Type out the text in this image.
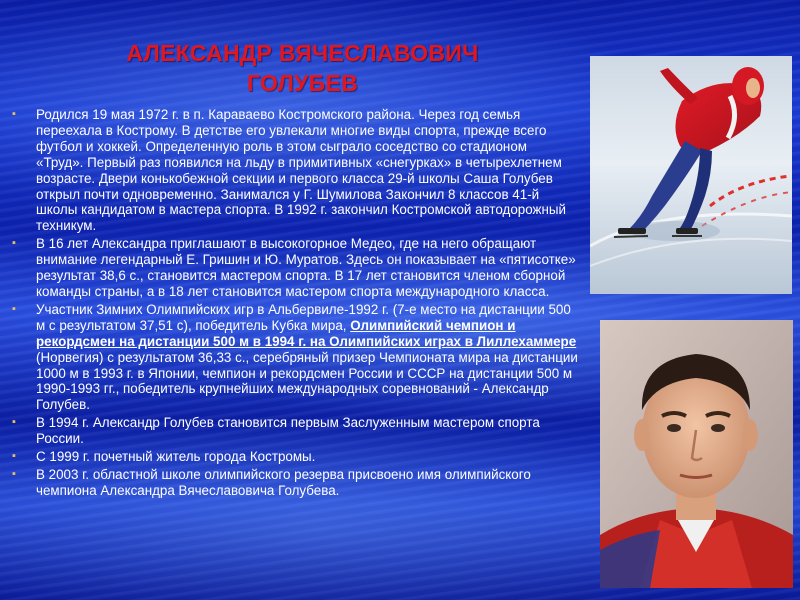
АЛЕКСАНДР ВЯЧЕСЛАВОВИЧ
ГОЛУБЕВ
▪ Родился 19 мая 1972 г. в п. Караваево Костромского района. Через год семья переехала в Кострому. В детстве его увлекали многие виды спорта, прежде всего футбол и хоккей. Определенную роль в этом сыграло соседство со стадионом «Труд». Первый раз появился на льду в примитивных «снегурках» в четырехлетнем возрасте. Двери конькобежной секции и первого класса 29-й школы Саша Голубев открыл почти одновременно. Занимался у Г. Шумилова Закончил 8 классов 41-й школы кандидатом в мастера спорта. В 1992 г. закончил Костромской автодорожный техникум.
▪ В 16 лет Александра приглашают в высокогорное Медео, где на него обращают внимание легендарный Е. Гришин и Ю. Муратов. Здесь он показывает на «пятисотке» результат 38,6 с., становится мастером спорта. В 17 лет становится членом сборной команды страны, а в 18 лет становится мастером спорта международного класса.
▪ Участник Зимних Олимпийских игр в Альбервиле-1992 г. (7-е место на дистанции 500 м с результатом 37,51 с), победитель Кубка мира, Олимпийский чемпион и рекордсмен на дистанции 500 м в 1994 г. на Олимпийских играх в Лиллехаммере (Норвегия) с результатом 36,33 с., серебряный призер Чемпионата мира на дистанции 1000 м в 1993 г. в Японии, чемпион и рекордсмен России и СССР на дистанции 500 м 1990-1993 гг., победитель крупнейших международных соревнований - Александр Голубев.
▪ В 1994 г. Александр Голубев становится первым Заслуженным мастером спорта России.
▪ С 1999 г. почетный житель города Костромы.
▪ В 2003 г. областной школе олимпийского резерва присвоено имя олимпийского чемпиона Александра Вячеславовича Голубева.
